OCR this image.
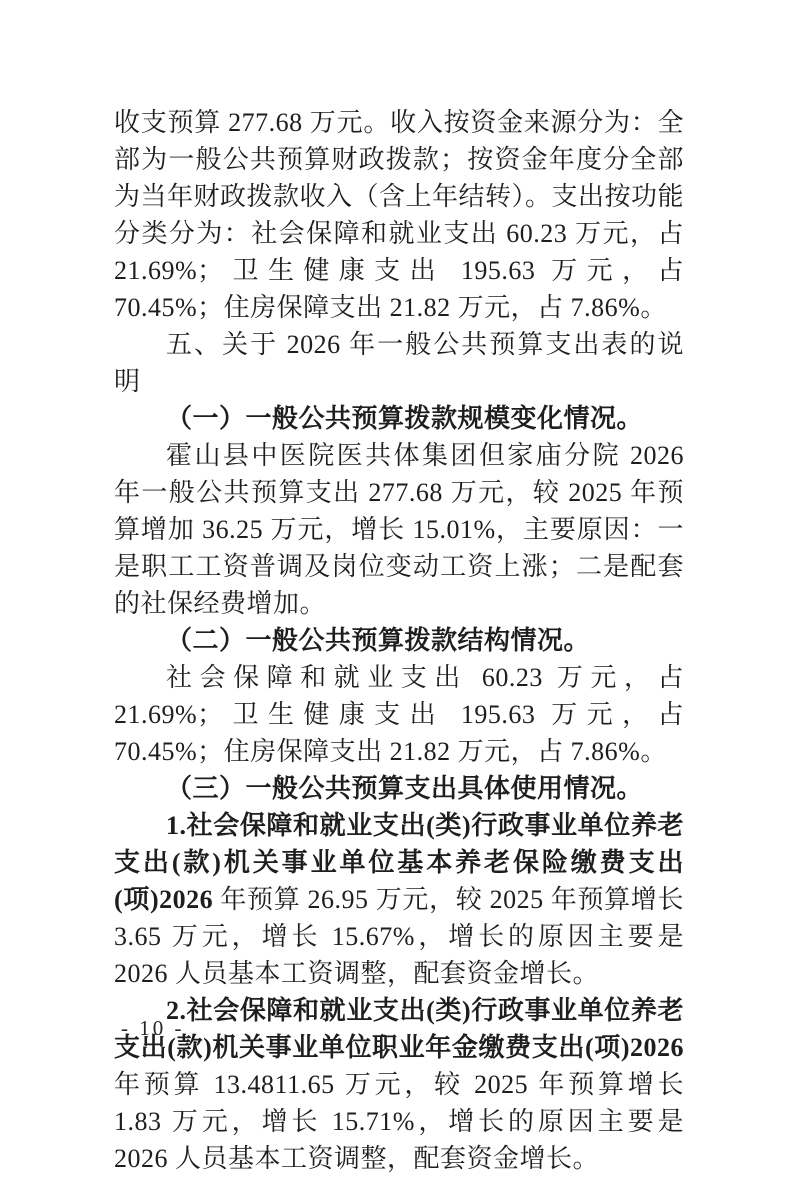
收支预算 277.68 万元。收入按资金来源分为：全部为一般公共预算财政拨款；按资金年度分全部为当年财政拨款收入（含上年结转）。支出按功能分类分为：社会保障和就业支出 60.23 万元，占 21.69%；卫生健康支出 195.63 万元，占 70.45%；住房保障支出 21.82 万元，占 7.86%。

五、关于 2026 年一般公共预算支出表的说明

（一）一般公共预算拨款规模变化情况。

霍山县中医院医共体集团但家庙分院 2026 年一般公共预算支出 277.68 万元，较 2025 年预算增加 36.25 万元，增长 15.01%，主要原因：一是职工工资普调及岗位变动工资上涨；二是配套的社保经费增加。

（二）一般公共预算拨款结构情况。

社会保障和就业支出 60.23 万元，占 21.69%；卫生健康支出 195.63 万元，占 70.45%；住房保障支出 21.82 万元，占 7.86%。

（三）一般公共预算支出具体使用情况。

1.社会保障和就业支出(类)行政事业单位养老支出(款)机关事业单位基本养老保险缴费支出(项)2026 年预算 26.95 万元，较 2025 年预算增长 3.65 万元，增长 15.67%，增长的原因主要是 2026 人员基本工资调整，配套资金增长。

2.社会保障和就业支出(类)行政事业单位养老支出(款)机关事业单位职业年金缴费支出(项)2026 年预算 13.4811.65 万元，较 2025 年预算增长 1.83 万元，增长 15.71%，增长的原因主要是 2026 人员基本工资调整，配套资金增长。

- 10 -
